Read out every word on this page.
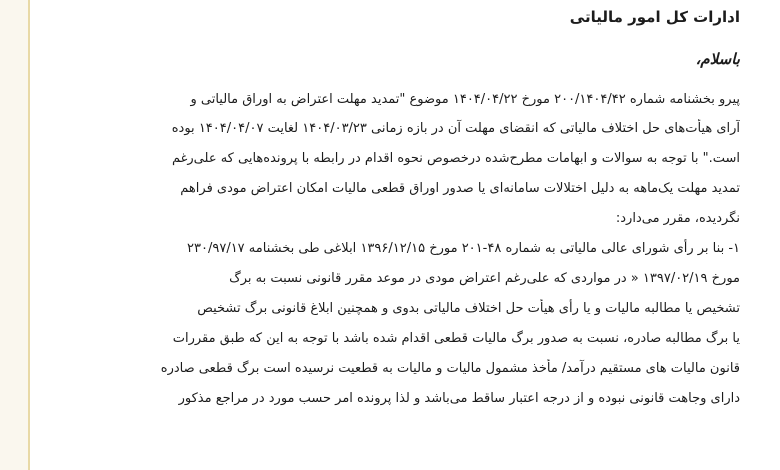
ادارات کل امور مالیاتی
باسلام،
پیرو بخشنامه شماره ۲۰۰/۱۴۰۴/۴۲ مورخ ۱۴۰۴/۰۴/۲۲ موضوع "تمدید مهلت اعتراض به اوراق مالیاتی و
آرای هیأت‌های حل اختلاف مالیاتی که انقضای مهلت آن در بازه زمانی ۱۴۰۴/۰۳/۲۳ لغایت ۱۴۰۴/۰۴/۰۷ بوده
است." با توجه به سوالات و ابهامات مطرح‌شده درخصوص نحوه اقدام در رابطه با پرونده‌هایی که علی‌رغم
تمدید مهلت یک‌ماهه به دلیل اختلالات سامانه‌ای یا صدور اوراق قطعی مالیات امکان اعتراض مودی فراهم
نگردیده، مقرر می‌دارد:
۱- بنا بر رأی شورای عالی مالیاتی به شماره ۴۸-۲۰۱ مورخ ۱۳۹۶/۱۲/۱۵ ابلاغی طی بخشنامه ۲۳۰/۹۷/۱۷
مورخ ۱۳۹۷/۰۲/۱۹ « در مواردی که علی‌رغم اعتراض مودی در موعد مقرر قانونی نسبت به برگ
تشخیص یا مطالبه مالیات و یا رأی هیأت حل اختلاف مالیاتی بدوی و همچنین ابلاغ قانونی برگ تشخیص
یا برگ مطالبه صادره، نسبت به صدور برگ مالیات قطعی اقدام شده باشد با توجه به این که طبق مقررات
قانون مالیات های مستقیم درآمد/ مأخذ مشمول مالیات و مالیات به قطعیت نرسیده است برگ قطعی صادره
دارای وجاهت قانونی نبوده و از درجه اعتبار ساقط می‌باشد و لذا پرونده امر حسب مورد در مراجع مذکور
